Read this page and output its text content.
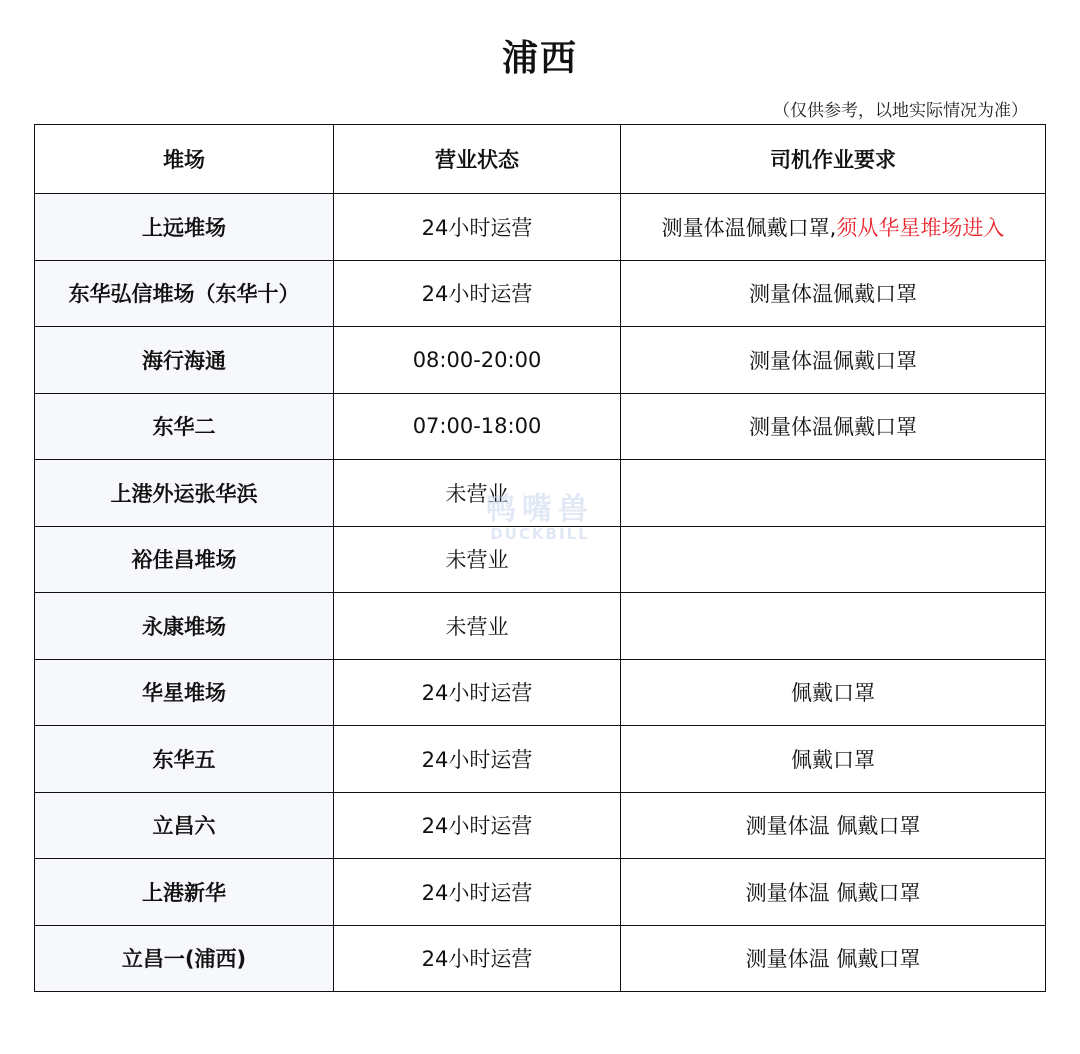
浦西
（仅供参考，以地实际情况为准）
堆场	营业状态	司机作业要求
上远堆场	24小时运营	测量体温佩戴口罩,须从华星堆场进入
东华弘信堆场（东华十）	24小时运营	测量体温佩戴口罩
海行海通	08:00-20:00	测量体温佩戴口罩
东华二	07:00-18:00	测量体温佩戴口罩
上港外运张华浜	未营业	
裕佳昌堆场	未营业	
永康堆场	未营业	
华星堆场	24小时运营	佩戴口罩
东华五	24小时运营	佩戴口罩
立昌六	24小时运营	测量体温 佩戴口罩
上港新华	24小时运营	测量体温 佩戴口罩
立昌一(浦西)	24小时运营	测量体温 佩戴口罩
鸭嘴兽
DUCKBILL
